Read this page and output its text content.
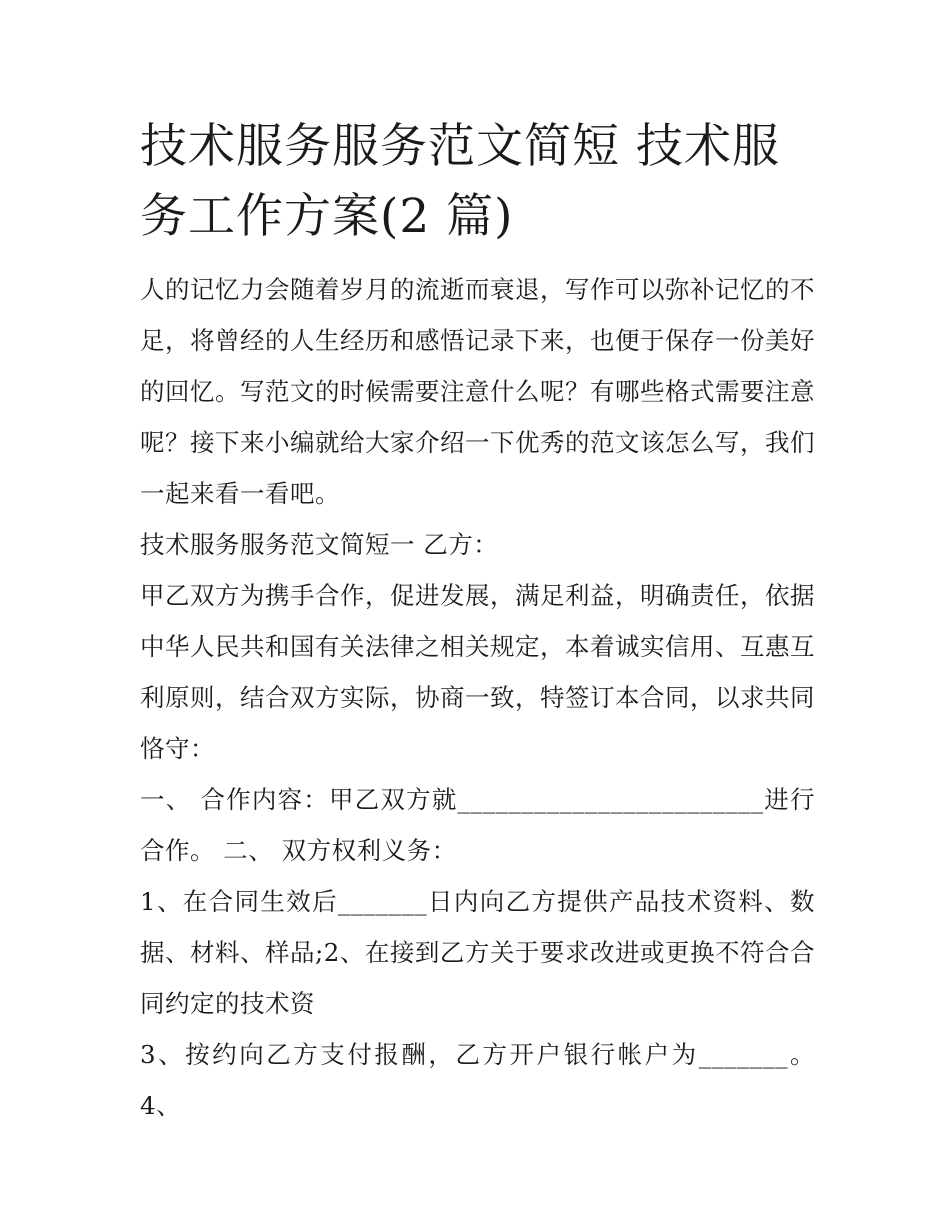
技术服务服务范文简短 技术服务工作方案(2 篇)

人的记忆力会随着岁月的流逝而衰退，写作可以弥补记忆的不足，将曾经的人生经历和感悟记录下来，也便于保存一份美好的回忆。写范文的时候需要注意什么呢？有哪些格式需要注意呢？接下来小编就给大家介绍一下优秀的范文该怎么写，我们一起来看一看吧。

技术服务服务范文简短一 乙方：

甲乙双方为携手合作，促进发展，满足利益，明确责任，依据中华人民共和国有关法律之相关规定，本着诚实信用、互惠互利原则，结合双方实际，协商一致，特签订本合同，以求共同恪守：

一、 合作内容：甲乙双方就________________________进行合作。 二、 双方权利义务：

1、在合同生效后_______日内向乙方提供产品技术资料、数据、材料、样品;2、在接到乙方关于要求改进或更换不符合合同约定的技术资

3、按约向乙方支付报酬，乙方开户银行帐户为_______。 4、
